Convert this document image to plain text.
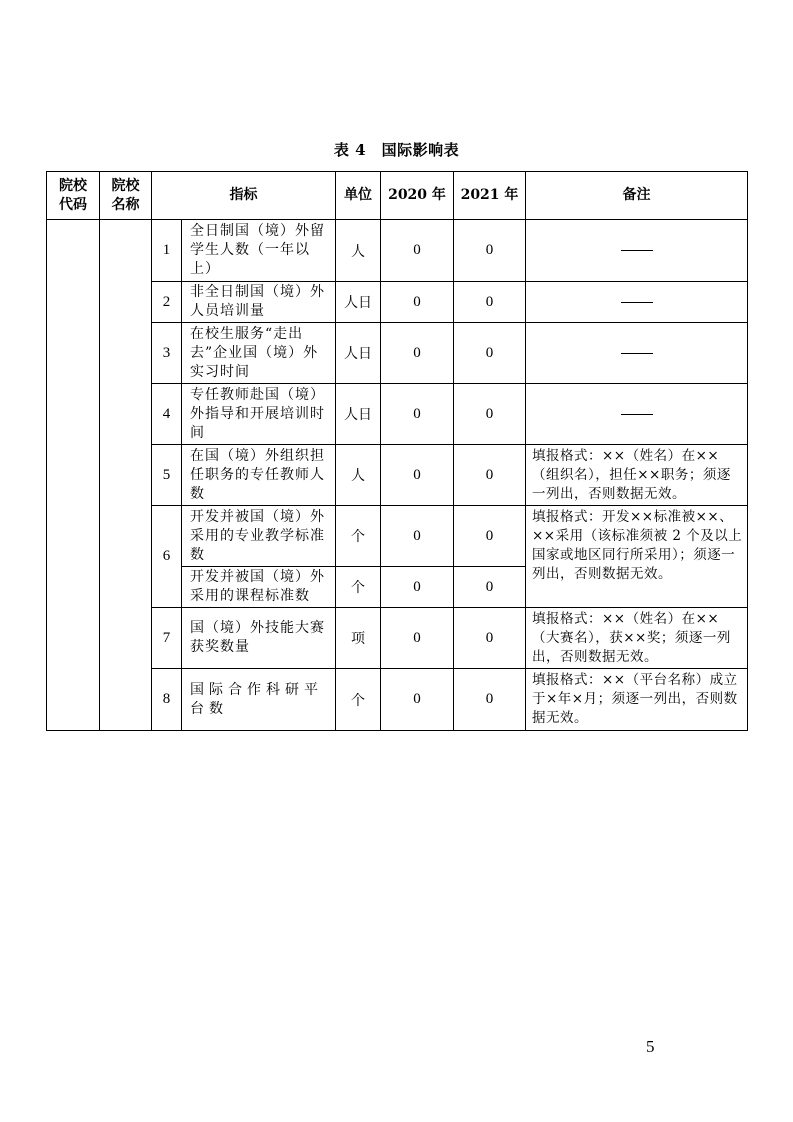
表 4　国际影响表
院校代码	院校名称	指标		单位	2020 年	2021 年	备注
		1	全日制国（境）外留学生人数（一年以上）	人	0	0	
		2	非全日制国（境）外人员培训量	人日	0	0	
		3	在校生服务“走出去”企业国（境）外实习时间	人日	0	0	
		4	专任教师赴国（境）外指导和开展培训时间	人日	0	0	
		5	在国（境）外组织担任职务的专任教师人数	人	0	0	填报格式：××（姓名）在××（组织名），担任××职务；须逐一列出，否则数据无效。
		6	开发并被国（境）外采用的专业教学标准数	个	0	0	填报格式：开发××标准被××、××采用（该标准须被 2 个及以上国家或地区同行所采用）；须逐一列出，否则数据无效。
			开发并被国（境）外采用的课程标准数	个	0	0	
		7	国（境）外技能大赛获奖数量	项	0	0	填报格式：××（姓名）在××（大赛名），获××奖；须逐一列出，否则数据无效。
		8	国际合作科研平台数	个	0	0	填报格式：××（平台名称）成立于×年×月；须逐一列出，否则数据无效。
5
